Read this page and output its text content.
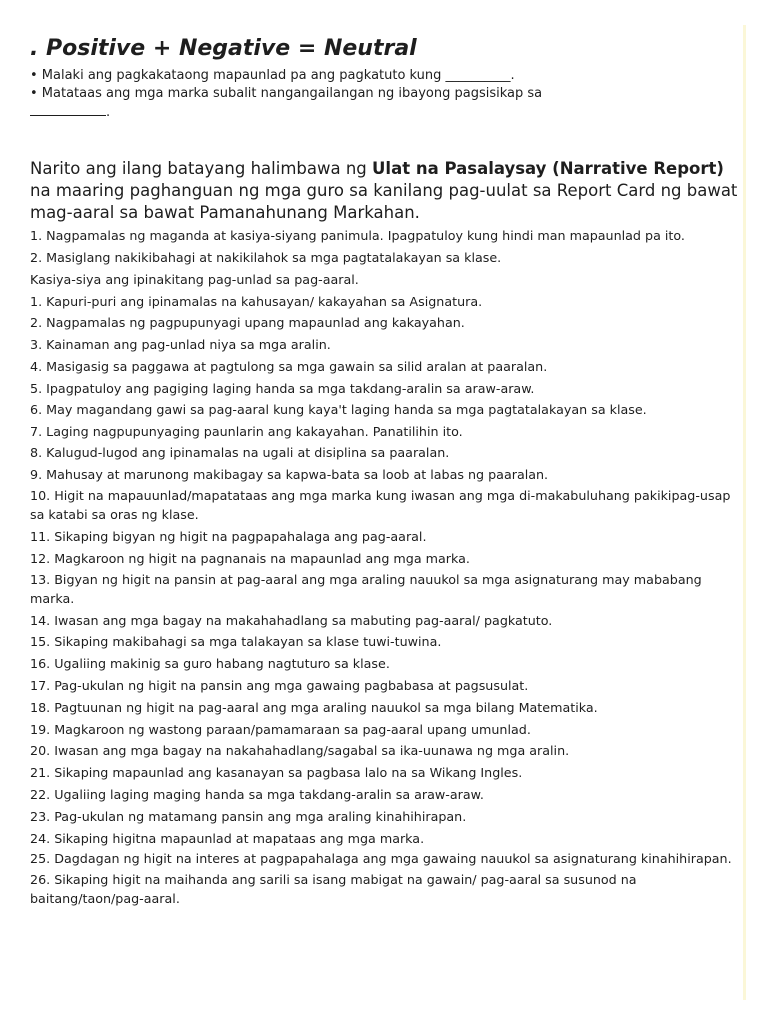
. Positive + Negative = Neutral
• Malaki ang pagkakataong mapaunlad pa ang pagkatuto kung __________.
• Matataas ang mga marka subalit nangangailangan ng ibayong pagsisikap sa
.
Narito ang ilang batayang halimbawa ng Ulat na Pasalaysay (Narrative Report) na maaring paghanguan ng mga guro sa kanilang pag-uulat sa Report Card ng bawat mag-aaral sa bawat Pamanahunang Markahan.
1. Nagpamalas ng maganda at kasiya-siyang panimula. Ipagpatuloy kung hindi man mapaunlad pa ito.
2. Masiglang nakikibahagi at nakikilahok sa mga pagtatalakayan sa klase.
Kasiya-siya ang ipinakitang pag-unlad sa pag-aaral.
1. Kapuri-puri ang ipinamalas na kahusayan/ kakayahan sa Asignatura.
2. Nagpamalas ng pagpupunyagi upang mapaunlad ang kakayahan.
3. Kainaman ang pag-unlad niya sa mga aralin.
4. Masigasig sa paggawa at pagtulong sa mga gawain sa silid aralan at paaralan.
5. Ipagpatuloy ang pagiging laging handa sa mga takdang-aralin sa araw-araw.
6. May magandang gawi sa pag-aaral kung kaya't laging handa sa mga pagtatalakayan sa klase.
7. Laging nagpupunyaging paunlarin ang kakayahan. Panatilihin ito.
8. Kalugud-lugod ang ipinamalas na ugali at disiplina sa paaralan.
9. Mahusay at marunong makibagay sa kapwa-bata sa loob at labas ng paaralan.
10. Higit na mapauunlad/mapatataas ang mga marka kung iwasan ang mga di-makabuluhang pakikipag-usap sa katabi sa oras ng klase.
11. Sikaping bigyan ng higit na pagpapahalaga ang pag-aaral.
12. Magkaroon ng higit na pagnanais na mapaunlad ang mga marka.
13. Bigyan ng higit na pansin at pag-aaral ang mga araling nauukol sa mga asignaturang may mababang marka.
14. Iwasan ang mga bagay na makahahadlang sa mabuting pag-aaral/ pagkatuto.
15. Sikaping makibahagi sa mga talakayan sa klase tuwi-tuwina.
16. Ugaliing makinig sa guro habang nagtuturo sa klase.
17. Pag-ukulan ng higit na pansin ang mga gawaing pagbabasa at pagsusulat.
18. Pagtuunan ng higit na pag-aaral ang mga araling nauukol sa mga bilang Matematika.
19. Magkaroon ng wastong paraan/pamamaraan sa pag-aaral upang umunlad.
20. Iwasan ang mga bagay na nakahahadlang/sagabal sa ika-uunawa ng mga aralin.
21. Sikaping mapaunlad ang kasanayan sa pagbasa lalo na sa Wikang Ingles.
22. Ugaliing laging maging handa sa mga takdang-aralin sa araw-araw.
23. Pag-ukulan ng matamang pansin ang mga araling kinahihirapan.
24. Sikaping higitna mapaunlad at mapataas ang mga marka.
25. Dagdagan ng higit na interes at pagpapahalaga ang mga gawaing nauukol sa asignaturang kinahihirapan.
26. Sikaping higit na maihanda ang sarili sa isang mabigat na gawain/ pag-aaral sa susunod na baitang/taon/pag-aaral.
